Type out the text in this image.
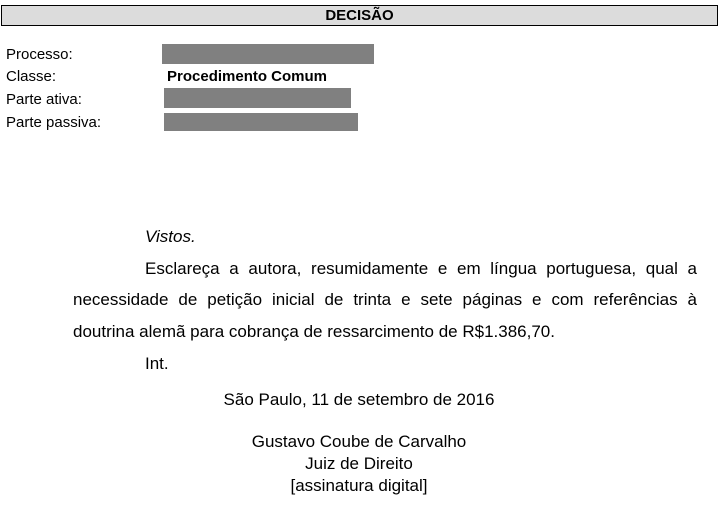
DECISÃO
Processo:
Classe:	Procedimento Comum
Parte ativa:
Parte passiva:
Vistos.
Esclareça a autora, resumidamente e em língua portuguesa, qual a
necessidade de petição inicial de trinta e sete páginas e com referências à
doutrina alemã para cobrança de ressarcimento de R$1.386,70.
Int.
São Paulo, 11 de setembro de 2016
Gustavo Coube de Carvalho
Juiz de Direito
[assinatura digital]
